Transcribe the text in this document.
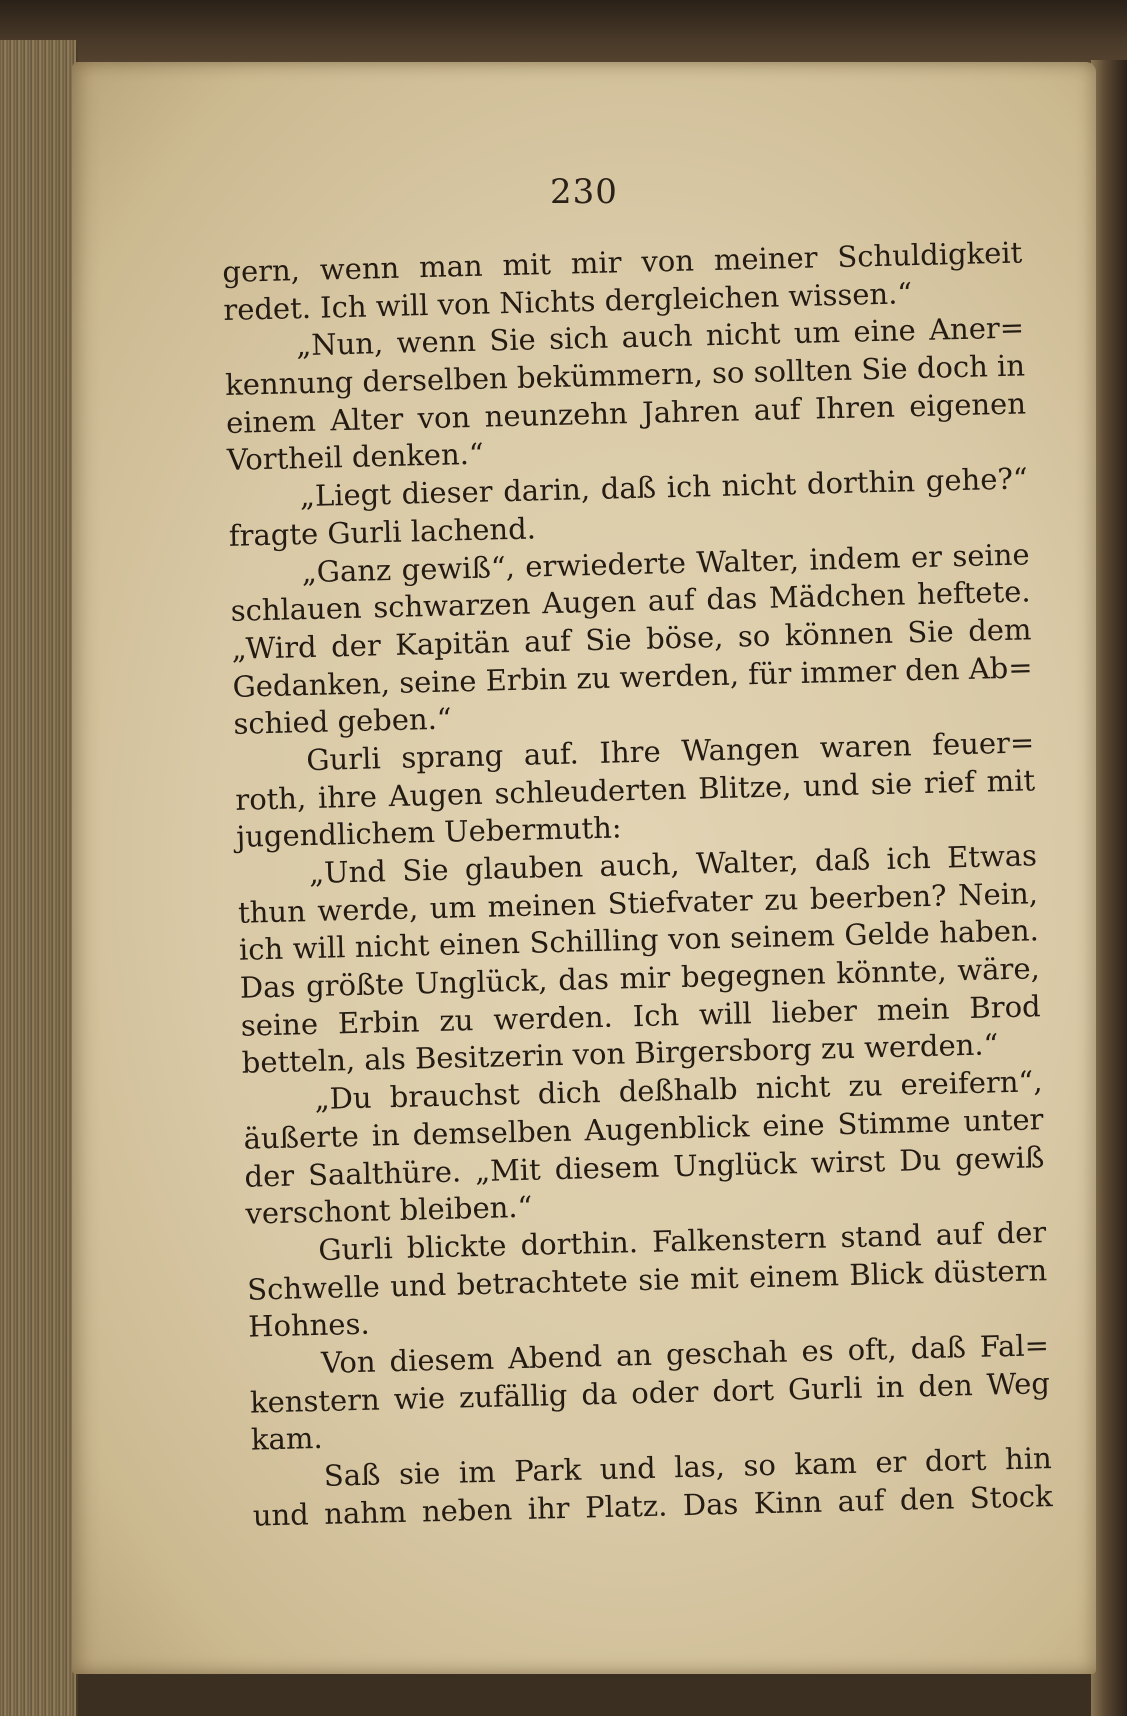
230
gern, wenn man mit mir von meiner Schuldigkeit
redet. Ich will von Nichts dergleichen wissen.“
„Nun, wenn Sie sich auch nicht um eine Aner=
kennung derselben bekümmern, so sollten Sie doch in
einem Alter von neunzehn Jahren auf Ihren eigenen
Vortheil denken.“
„Liegt dieser darin, daß ich nicht dorthin gehe?“
fragte Gurli lachend.
„Ganz gewiß“, erwiederte Walter, indem er seine
schlauen schwarzen Augen auf das Mädchen heftete.
„Wird der Kapitän auf Sie böse, so können Sie dem
Gedanken, seine Erbin zu werden, für immer den Ab=
schied geben.“
Gurli sprang auf. Ihre Wangen waren feuer=
roth, ihre Augen schleuderten Blitze, und sie rief mit
jugendlichem Uebermuth:
„Und Sie glauben auch, Walter, daß ich Etwas
thun werde, um meinen Stiefvater zu beerben? Nein,
ich will nicht einen Schilling von seinem Gelde haben.
Das größte Unglück, das mir begegnen könnte, wäre,
seine Erbin zu werden. Ich will lieber mein Brod
betteln, als Besitzerin von Birgersborg zu werden.“
„Du brauchst dich deßhalb nicht zu ereifern“,
äußerte in demselben Augenblick eine Stimme unter
der Saalthüre. „Mit diesem Unglück wirst Du gewiß
verschont bleiben.“
Gurli blickte dorthin. Falkenstern stand auf der
Schwelle und betrachtete sie mit einem Blick düstern
Hohnes.
Von diesem Abend an geschah es oft, daß Fal=
kenstern wie zufällig da oder dort Gurli in den Weg
kam.
Saß sie im Park und las, so kam er dort hin
und nahm neben ihr Platz. Das Kinn auf den Stock
